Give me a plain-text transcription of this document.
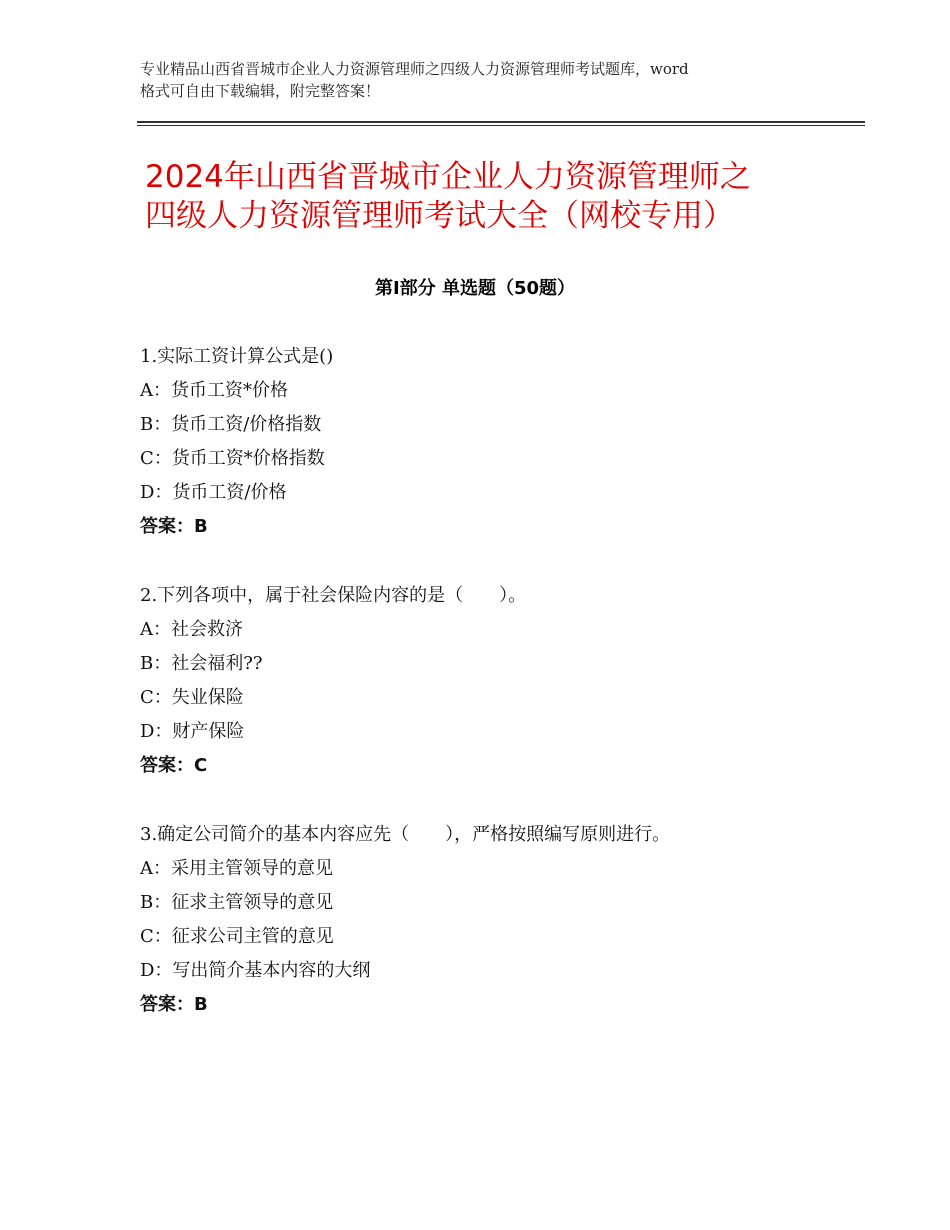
专业精品山西省晋城市企业人力资源管理师之四级人力资源管理师考试题库，word
格式可自由下载编辑，附完整答案！
2024年山西省晋城市企业人力资源管理师之
四级人力资源管理师考试大全（网校专用）
第Ⅰ部分 单选题（50题）
1.实际工资计算公式是()
A：货币工资*价格
B：货币工资/价格指数
C：货币工资*价格指数
D：货币工资/价格
答案：B
2.下列各项中，属于社会保险内容的是（　　）。
A：社会救济
B：社会福利??
C：失业保险
D：财产保险
答案：C
3.确定公司简介的基本内容应先（　　），严格按照编写原则进行。
A：采用主管领导的意见
B：征求主管领导的意见
C：征求公司主管的意见
D：写出简介基本内容的大纲
答案：B
